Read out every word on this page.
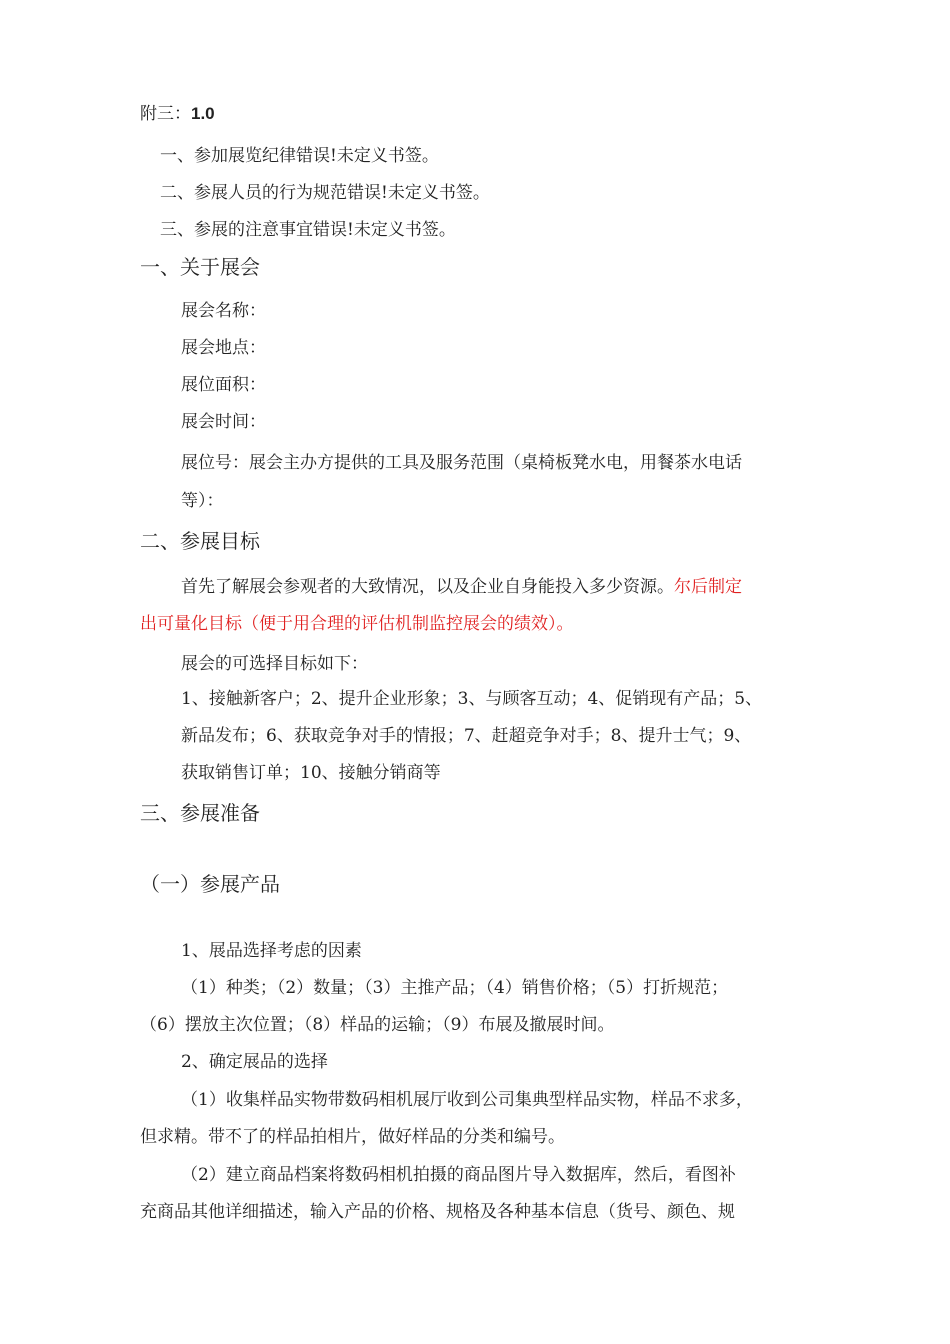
附三：1.0
一、参加展览纪律错误!未定义书签。
二、参展人员的行为规范错误!未定义书签。
三、参展的注意事宜错误!未定义书签。
一、关于展会
展会名称：
展会地点：
展位面积：
展会时间：
展位号：展会主办方提供的工具及服务范围（桌椅板凳水电，用餐茶水电话
等）：
二、参展目标
首先了解展会参观者的大致情况，以及企业自身能投入多少资源。尔后制定
出可量化目标（便于用合理的评估机制监控展会的绩效）。
展会的可选择目标如下：
1、接触新客户；2、提升企业形象；3、与顾客互动；4、促销现有产品；5、
新品发布；6、获取竞争对手的情报；7、赶超竞争对手；8、提升士气；9、
获取销售订单；10、接触分销商等
三、参展准备
（一）参展产品
1、展品选择考虑的因素
（1）种类；（2）数量；（3）主推产品；（4）销售价格；（5）打折规范；
（6）摆放主次位置；（8）样品的运输；（9）布展及撤展时间。
2、确定展品的选择
（1）收集样品实物带数码相机展厅收到公司集典型样品实物，样品不求多，
但求精。带不了的样品拍相片，做好样品的分类和编号。
（2）建立商品档案将数码相机拍摄的商品图片导入数据库，然后，看图补
充商品其他详细描述，输入产品的价格、规格及各种基本信息（货号、颜色、规
